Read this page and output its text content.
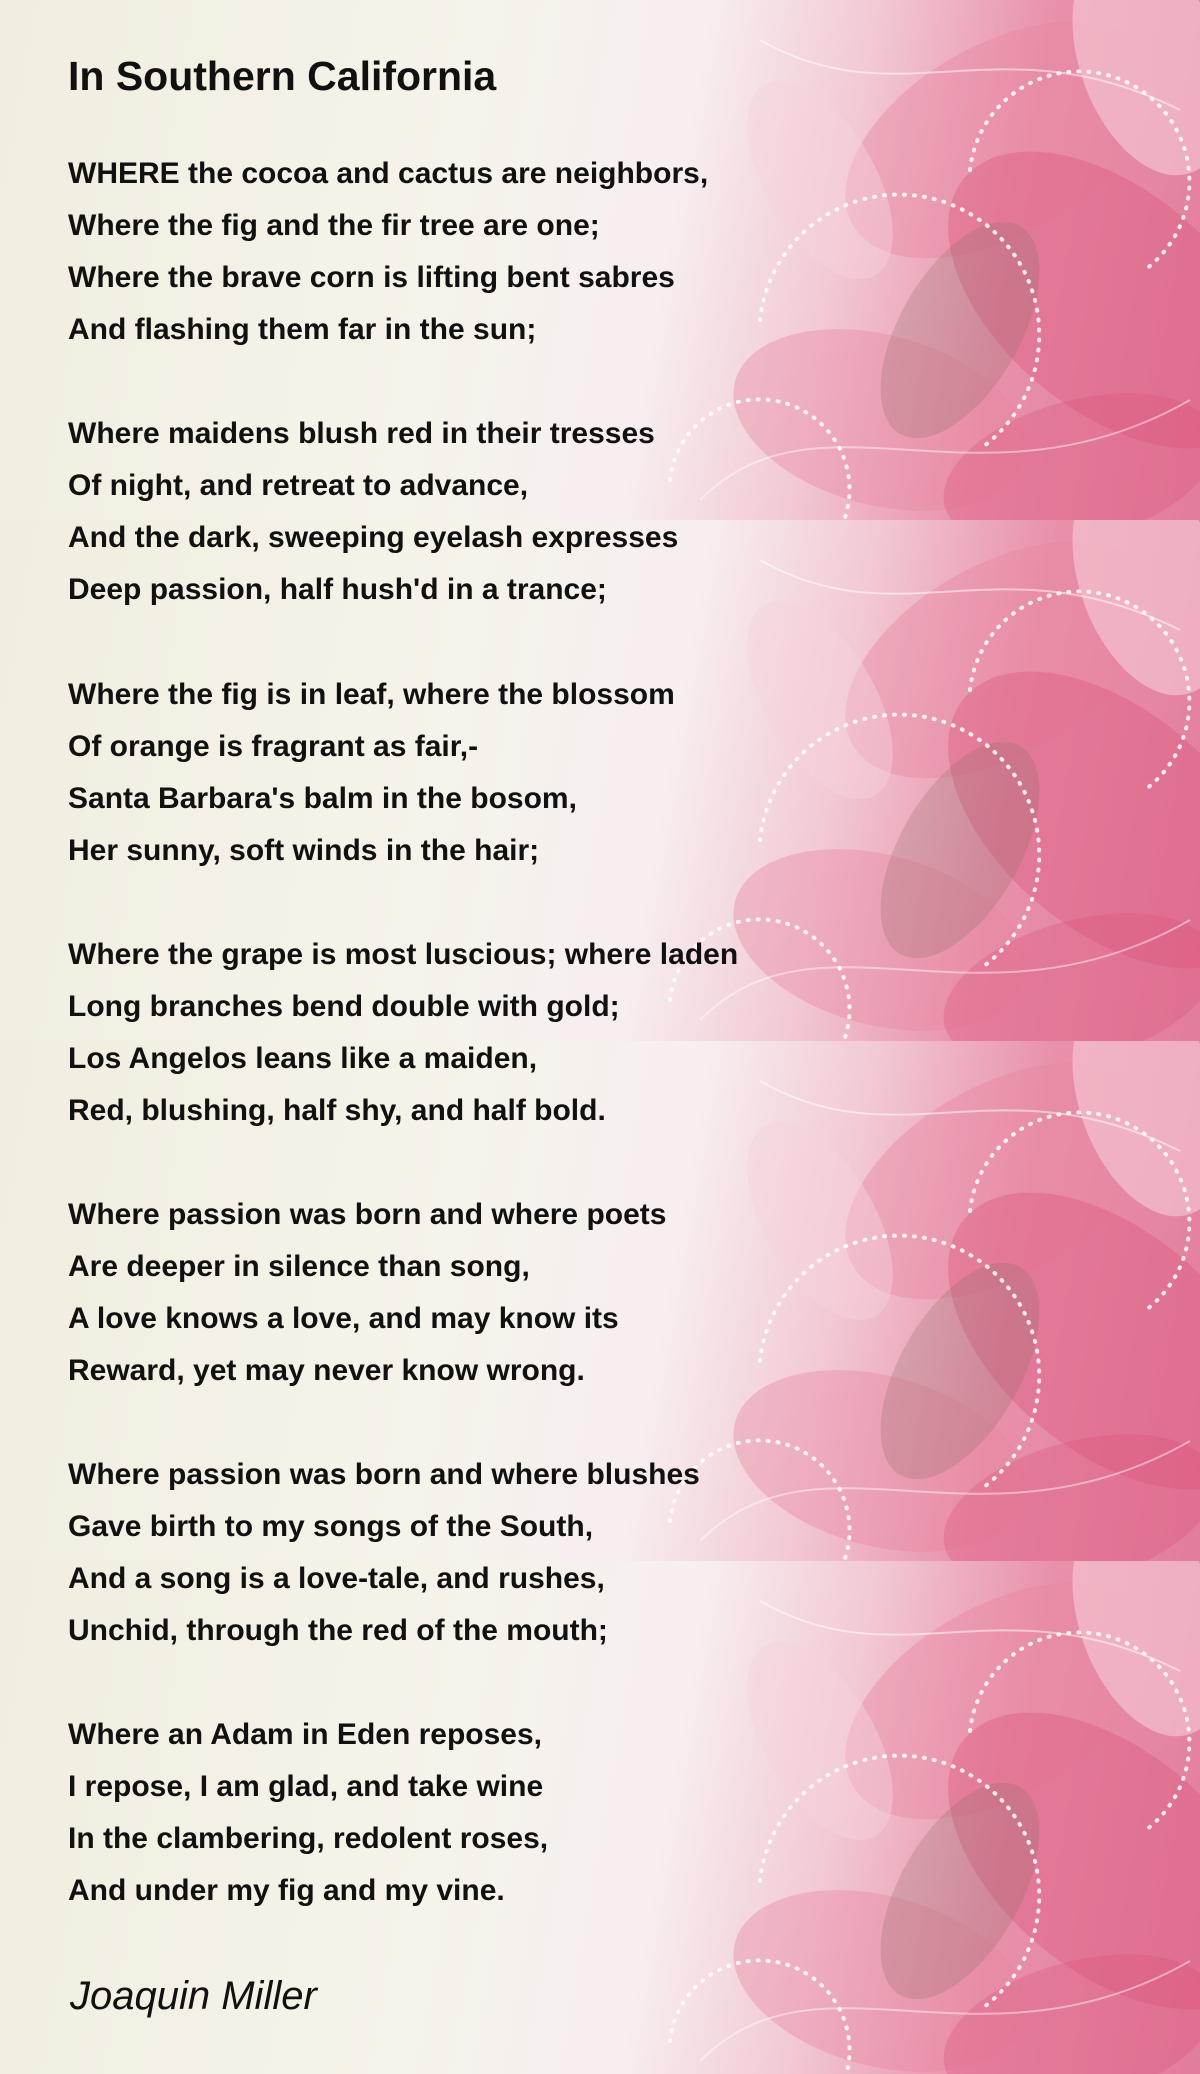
In Southern California
WHERE the cocoa and cactus are neighbors,
Where the fig and the fir tree are one;
Where the brave corn is lifting bent sabres
And flashing them far in the sun;
Where maidens blush red in their tresses
Of night, and retreat to advance,
And the dark, sweeping eyelash expresses
Deep passion, half hush'd in a trance;
Where the fig is in leaf, where the blossom
Of orange is fragrant as fair,-
Santa Barbara's balm in the bosom,
Her sunny, soft winds in the hair;
Where the grape is most luscious; where laden
Long branches bend double with gold;
Los Angelos leans like a maiden,
Red, blushing, half shy, and half bold.
Where passion was born and where poets
Are deeper in silence than song,
A love knows a love, and may know its
Reward, yet may never know wrong.
Where passion was born and where blushes
Gave birth to my songs of the South,
And a song is a love-tale, and rushes,
Unchid, through the red of the mouth;
Where an Adam in Eden reposes,
I repose, I am glad, and take wine
In the clambering, redolent roses,
And under my fig and my vine.
Joaquin Miller
